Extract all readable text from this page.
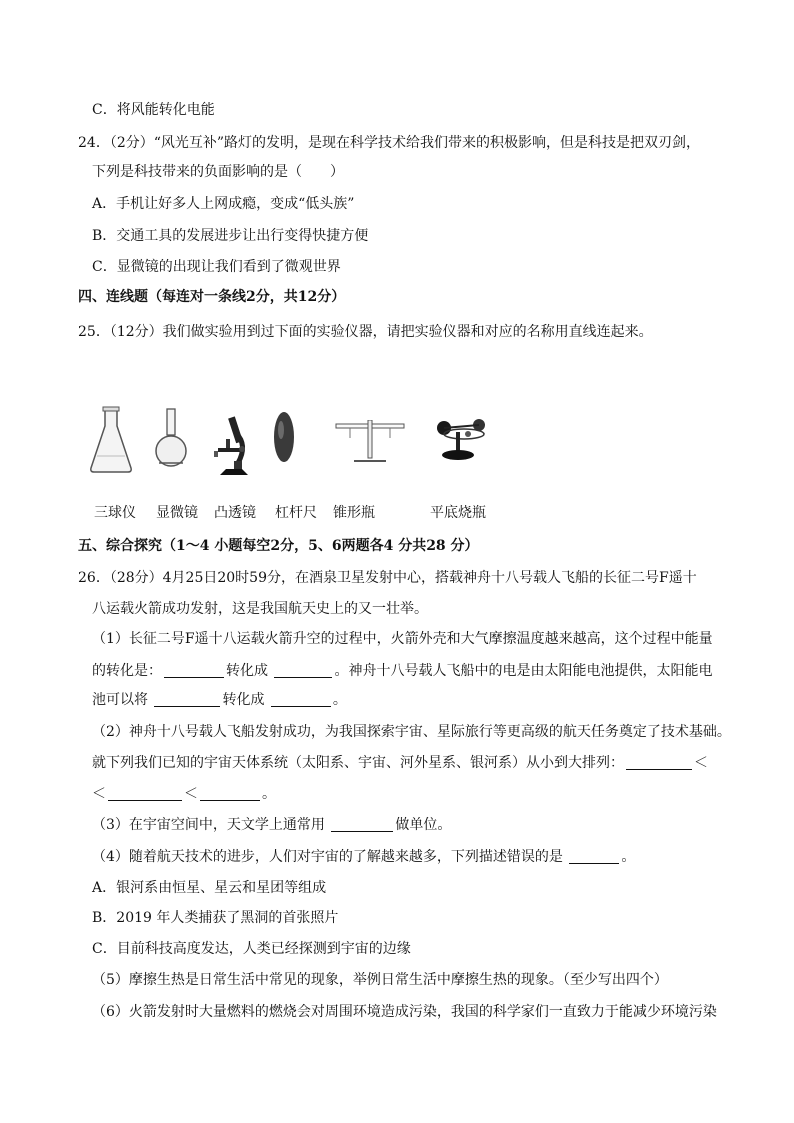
C．将风能转化电能
24．（2分）“风光互补”路灯的发明，是现在科学技术给我们带来的积极影响，但是科技是把双刃剑，
下列是科技带来的负面影响的是（　　）
A．手机让好多人上网成瘾，变成“低头族”
B．交通工具的发展进步让出行变得快捷方便
C．显微镜的出现让我们看到了微观世界
四、连线题（每连对一条线2分，共12分）
25．（12分）我们做实验用到过下面的实验仪器，请把实验仪器和对应的名称用直线连起来。
三球仪 显微镜 凸透镜 杠杆尺 锥形瓶	平底烧瓶
五、综合探究（1～4 小题每空2分，5、6两题各4 分共28 分）
26．（28分）4月25日20时59分，在酒泉卫星发射中心，搭载神舟十八号载人飞船的长征二号F遥十
八运载火箭成功发射，这是我国航天史上的又一壮举。
（1）长征二号F遥十八运载火箭升空的过程中，火箭外壳和大气摩擦温度越来越高，这个过程中能量
的转化是：	转化成	。神舟十八号载人飞船中的电是由太阳能电池提供，太阳能电
池可以将	转化成	。
（2）神舟十八号载人飞船发射成功，为我国探索宇宙、星际旅行等更高级的航天任务奠定了技术基础。
就下列我们已知的宇宙天体系统（太阳系、宇宙、河外星系、银河系）从小到大排列：	＜
＜	＜	。
（3）在宇宙空间中，天文学上通常用	做单位。
（4）随着航天技术的进步，人们对宇宙的了解越来越多，下列描述错误的是	。
A．银河系由恒星、星云和星团等组成
B．2019 年人类捕获了黑洞的首张照片
C．目前科技高度发达，人类已经探测到宇宙的边缘
（5）摩擦生热是日常生活中常见的现象，举例日常生活中摩擦生热的现象。（至少写出四个）
（6）火箭发射时大量燃料的燃烧会对周围环境造成污染，我国的科学家们一直致力于能减少环境污染
